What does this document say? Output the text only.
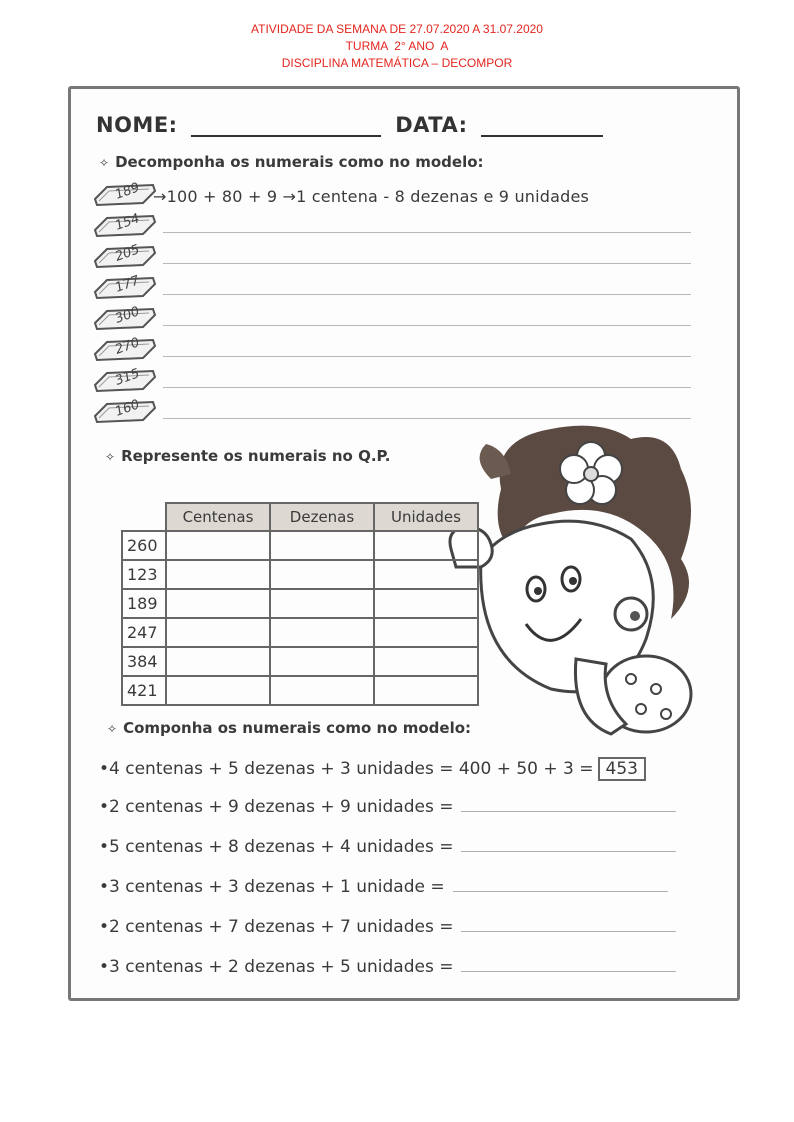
ATIVIDADE DA SEMANA DE 27.07.2020 A 31.07.2020
TURMA  2° ANO  A
DISCIPLINA MATEMÁTICA – DECOMPOR
NOME:	DATA:
✧ Decomponha os numerais como no modelo:
189
154
205
177
300
270
315
160
→100 + 80 + 9 →1 centena - 8 dezenas e 9 unidades
✧ Represente os numerais no Q.P.
	Centenas	Dezenas	Unidades
260			
123			
189			
247			
384			
421			
✧ Componha os numerais como no modelo:
•4 centenas + 5 dezenas + 3 unidades = 400 + 50 + 3 = 453
•2 centenas + 9 dezenas + 9 unidades =
•5 centenas + 8 dezenas + 4 unidades =
•3 centenas + 3 dezenas + 1 unidade =
•2 centenas + 7 dezenas + 7 unidades =
•3 centenas + 2 dezenas + 5 unidades =
